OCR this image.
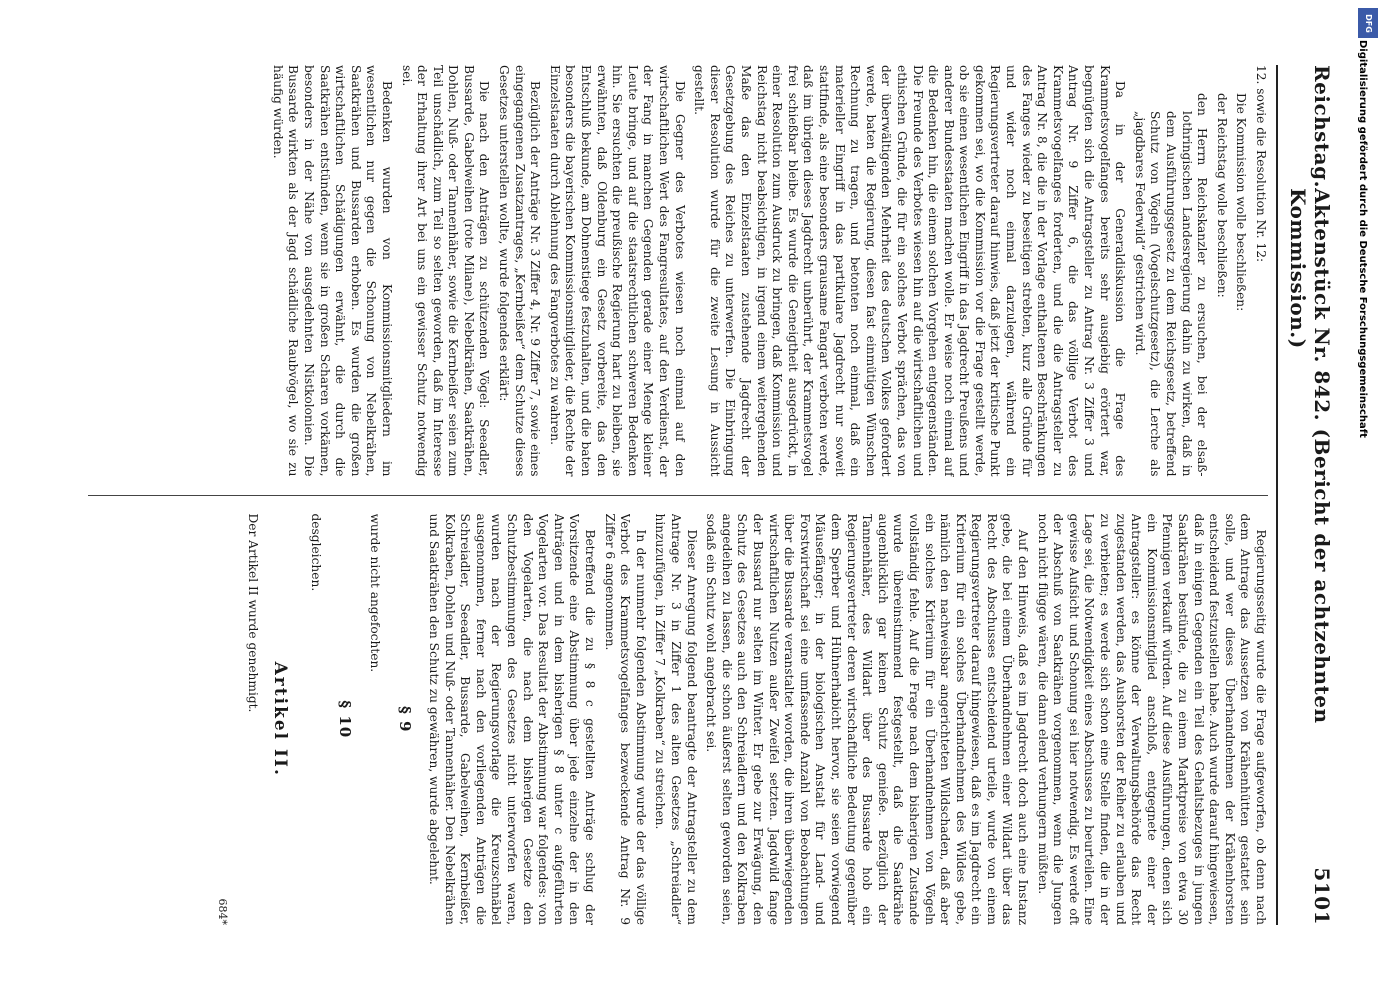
Reichstag.
Aktenstück Nr. 842. (Bericht der achtzehnten Kommission.)
5101

12. sowie die Resolution Nr. 12:

Die Kommission wolle beschließen:

der Reichstag wolle beschließen:

den Herrn Reichskanzler zu ersuchen, bei der elsaß-lothringischen Landesregierung dahin zu wirken, daß in dem Ausführungsgesetz zu dem Reichsgesetz, betreffend Schutz von Vögeln (Vogelschutzgesetz), die Lerche als „jagdbares Federwild“ gestrichen wird.

Da in der Generaldiskussion die Frage des Krammetsvogelfanges bereits sehr ausgiebig erörtert war, begnügten sich die Antragsteller zu Antrag Nr. 3 Ziffer 3 und Antrag Nr. 9 Ziffer 6, die das völlige Verbot des Krammetsvogelfanges forderten, und die die Antragsteller zu Antrag Nr. 8, die die in der Vorlage enthaltenen Beschränkungen des Fanges wieder zu beseitigen strebten, kurz alle Gründe für und wider noch einmal darzulegen, während ein Regierungsvertreter darauf hinwies, daß jetzt der kritische Punkt gekommen sei, wo die Kommission vor die Frage gestellt werde, ob sie einen wesentlichen Eingriff in das Jagdrecht Preußens und anderer Bundesstaaten machen wolle. Er weise noch einmal auf die Bedenken hin, die einem solchen Vorgehen entgegenständen. Die Freunde des Verbotes wiesen hin auf die wirtschaftlichen und ethischen Gründe, die für ein solches Verbot sprächen, das von der überwältigenden Mehrheit des deutschen Volkes gefordert werde, baten die Regierung, diesen fast einmütigen Wünschen Rechnung zu tragen, und betonten noch einmal, daß ein materieller Eingriff in das partikulare Jagdrecht nur soweit stattfinde, als eine besonders grausame Fangart verboten werde, daß im übrigen dieses Jagdrecht unberührt, der Krammetsvogel frei schießbar bleibe. Es wurde die Geneigtheit ausgedrückt, in einer Resolution zum Ausdruck zu bringen, daß Kommission und Reichstag nicht beabsichtigen, in irgend einem weitergehenden Maße das den Einzelstaaten zustehende Jagdrecht der Gesetzgebung des Reiches zu unterwerfen. Die Einbringung dieser Resolution wurde für die zweite Lesung in Aussicht gestellt.

Die Gegner des Verbotes wiesen noch einmal auf den wirtschaftlichen Wert des Fangresultates, auf den Verdienst, der der Fang in manchen Gegenden gerade einer Menge kleiner Leute bringe, und auf die staatsrechtlichen schweren Bedenken hin. Sie ersuchten die preußische Regierung hart zu bleiben, sie erwähnten, daß Oldenburg ein Gesetz vorbereite, das den Entschluß bekunde, am Dohnenstiege festzuhalten, und die baten besonders die bayerischen Kommissionsmitglieder, die Rechte der Einzelstaaten durch Ablehnung des Fangverbotes zu wahren.

Bezüglich der Anträge Nr. 3 Ziffer 4, Nr. 9 Ziffer 7, sowie eines eingegangenen Zusatzantrages, „Kernbeißer“ dem Schutze dieses Gesetzes unterstellen wollte, wurde folgendes erklärt:

Die nach den Anträgen zu schützenden Vögel: Seeadler, Bussarde, Gabelweihen (rote Milane), Nebelkrähen, Saatkrähen, Dohlen, Nuß- oder Tannenhäher, sowie die Kernbeißer seien zum Teil unschädlich, zum Teil so selten geworden, daß im Interesse der Erhaltung ihrer Art bei uns ein gewisser Schutz notwendig sei.

Bedenken wurden von Kommissionsmitgliedern im wesentlichen nur gegen die Schonung von Nebelkrähen, Saatkrähen und Bussarden erhoben. Es wurden die großen wirtschaftlichen Schädigungen erwähnt, die durch die Saatkrähen entstünden, wenn sie in großen Scharen vorkämen, besonders in der Nähe von ausgedehnten Nistkolonien. Die Bussarde wirkten als der Jagd schädliche Raubvögel, wo sie zu häufig würden.

Regierungsseitig wurde die Frage aufgeworfen, ob denn nach dem Antrage das Aussetzen von Krähenhütten gestattet sein solle, und wer dieses Überhandnehmen der Krähenhorsten entscheidend festzustellen habe. Auch wurde darauf hingewiesen, daß in einigen Gegenden ein Teil des Gehaltsbezuges in jungen Saatkrähen bestünde, die zu einem Marktpreise von etwa 30 Pfennigen verkauft würden. Auf diese Ausführungen, denen sich ein Kommissionsmitglied anschloß, entgegnete einer der Antragsteller: es könne der Verwaltungsbehörde das Recht zugestanden werden, das Aushorsten der Reiher zu erlauben und zu verbieten; es werde sich schon eine Stelle finden, die in der Lage sei, die Notwendigkeit eines Abschusses zu beurteilen. Eine gewisse Aufsicht und Schonung sei hier notwendig. Es werde oft der Abschuß von Saatkrähen vorgenommen, wenn die Jungen noch nicht flügge wären, die dann elend verhungern müßten.

Auf den Hinweis, daß es im Jagdrecht doch auch eine Instanz gebe, die bei einem Überhandnehmen einer Wildart über das Recht des Abschusses entscheidend urteile, wurde von einem Regierungsvertreter darauf hingewiesen, daß es im Jagdrecht ein Kriterium für ein solches Überhandnehmen des Wildes gebe, nämlich den nachweisbar angerichteten Wildschaden, daß aber ein solches Kriterium für ein Überhandnehmen von Vögeln vollständig fehle. Auf die Frage nach dem bisherigen Zustande wurde übereinstimmend festgestellt, daß die Saatkrähe augenblicklich gar keinen Schutz genieße. Bezüglich der Tannenhäher, des Wildart über des Bussarde hob ein Regierungsvertreter deren wirtschaftliche Bedeutung gegenüber dem Sperber und Hühnerhabicht hervor, sie seien vorwiegend Mäusefänger; in der biologischen Anstalt für Land- und Forstwirtschaft sei eine umfassende Anzahl von Beobachtungen über die Bussarde veranstaltet worden, die ihren überwiegenden wirtschaftlichen Nutzen außer Zweifel setzten. Jagdwild fange der Bussard nur selten im Winter. Er gebe zur Erwägung, den Schutz des Gesetzes auch den Schreiadlern und den Kolkraben angedeihen zu lassen, die schon äußerst selten geworden seien, sodaß ein Schutz wohl angebracht sei.

Dieser Anregung folgend beantragte der Antragsteller zu dem Antrage Nr. 3 in Ziffer 1 des alten Gesetzes „Schreiadler“ hinzuzufügen, in Ziffer 7 „Kolkraben“ zu streichen.

In der nunmehr folgenden Abstimmung wurde der das völlige Verbot des Krammetsvogelfanges bezweckende Antrag Nr. 9 Ziffer 6 angenommen.

Betreffend die zu § 8 c gestellten Anträge schlug der Vorsitzende eine Abstimmung über jede einzelne der in den Anträgen und in dem bisherigen § 8 unter c aufgeführten Vogelarten vor. Das Resultat der Abstimmung war folgendes: von den Vogelarten, die nach dem bisherigen Gesetze den Schutzbestimmungen des Gesetzes nicht unterworfen waren, wurden nach der Regierungsvorlage die Kreuzschnäbel ausgenommen, ferner nach den vorliegenden Anträgen die Schreiadler, Seeadler, Bussarde, Gabelweihen, Kernbeißer, Kolkraben, Dohlen und Nuß- oder Tannenhäher. Den Nebelkrähen und Saatkrähen den Schutz zu gewähren, wurde abgelehnt.

§ 9

wurde nicht angefochten.

§ 10

desgleichen.

Artikel II.

Der Artikel II wurde genehmigt.

684*
DFG
Digitalisierung gefördert durch die Deutsche Forschungsgemeinschaft
